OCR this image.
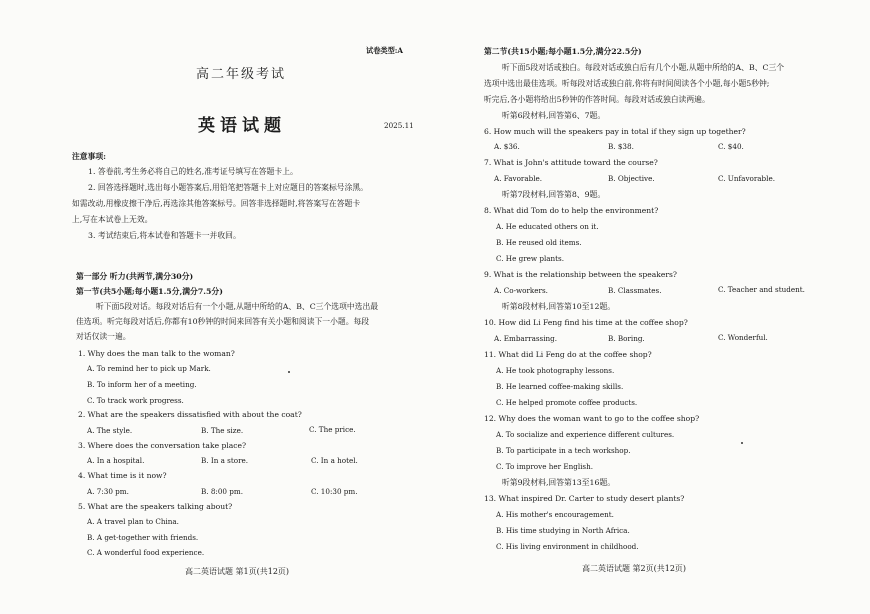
试卷类型:A
高二年级考试
英语试题	2025.11
注意事项:
1. 答卷前,考生务必将自己的姓名,准考证号填写在答题卡上。
2. 回答选择题时,选出每小题答案后,用铅笔把答题卡上对应题目的答案标号涂黑。
如需改动,用橡皮擦干净后,再选涂其他答案标号。回答非选择题时,将答案写在答题卡
上,写在本试卷上无效。
3. 考试结束后,将本试卷和答题卡一并收回。
第一部分 听力(共两节,满分30分)
第一节(共5小题;每小题1.5分,满分7.5分)
听下面5段对话。每段对话后有一个小题,从题中所给的A、B、C三个选项中选出最
佳选项。听完每段对话后,你都有10秒钟的时间来回答有关小题和阅读下一小题。每段
对话仅读一遍。
1. Why does the man talk to the woman?
A. To remind her to pick up Mark.
B. To inform her of a meeting.
C. To track work progress.
2. What are the speakers dissatisfied with about the coat?
A. The style.	B. The size.	C. The price.
3. Where does the conversation take place?
A. In a hospital.	B. In a store.	C. In a hotel.
4. What time is it now?
A. 7:30 pm.	B. 8:00 pm.	C. 10:30 pm.
5. What are the speakers talking about?
A. A travel plan to China.
B. A get-together with friends.
C. A wonderful food experience.
高二英语试题 第1页(共12页)
第二节(共15小题;每小题1.5分,满分22.5分)
听下面5段对话或独白。每段对话或独白后有几个小题,从题中所给的A、B、C三个
选项中选出最佳选项。听每段对话或独白前,你将有时间阅读各个小题,每小题5秒钟;
听完后,各小题将给出5秒钟的作答时间。每段对话或独白读两遍。
听第6段材料,回答第6、7题。
6. How much will the speakers pay in total if they sign up together?
A. $36.	B. $38.	C. $40.
7. What is John's attitude toward the course?
A. Favorable.	B. Objective.	C. Unfavorable.
听第7段材料,回答第8、9题。
8. What did Tom do to help the environment?
A. He educated others on it.
B. He reused old items.
C. He grew plants.
9. What is the relationship between the speakers?
A. Co-workers.	B. Classmates.	C. Teacher and student.
听第8段材料,回答第10至12题。
10. How did Li Feng find his time at the coffee shop?
A. Embarrassing.	B. Boring.	C. Wonderful.
11. What did Li Feng do at the coffee shop?
A. He took photography lessons.
B. He learned coffee-making skills.
C. He helped promote coffee products.
12. Why does the woman want to go to the coffee shop?
A. To socialize and experience different cultures.
B. To participate in a tech workshop.
C. To improve her English.
听第9段材料,回答第13至16题。
13. What inspired Dr. Carter to study desert plants?
A. His mother's encouragement.
B. His time studying in North Africa.
C. His living environment in childhood.
高二英语试题 第2页(共12页)
